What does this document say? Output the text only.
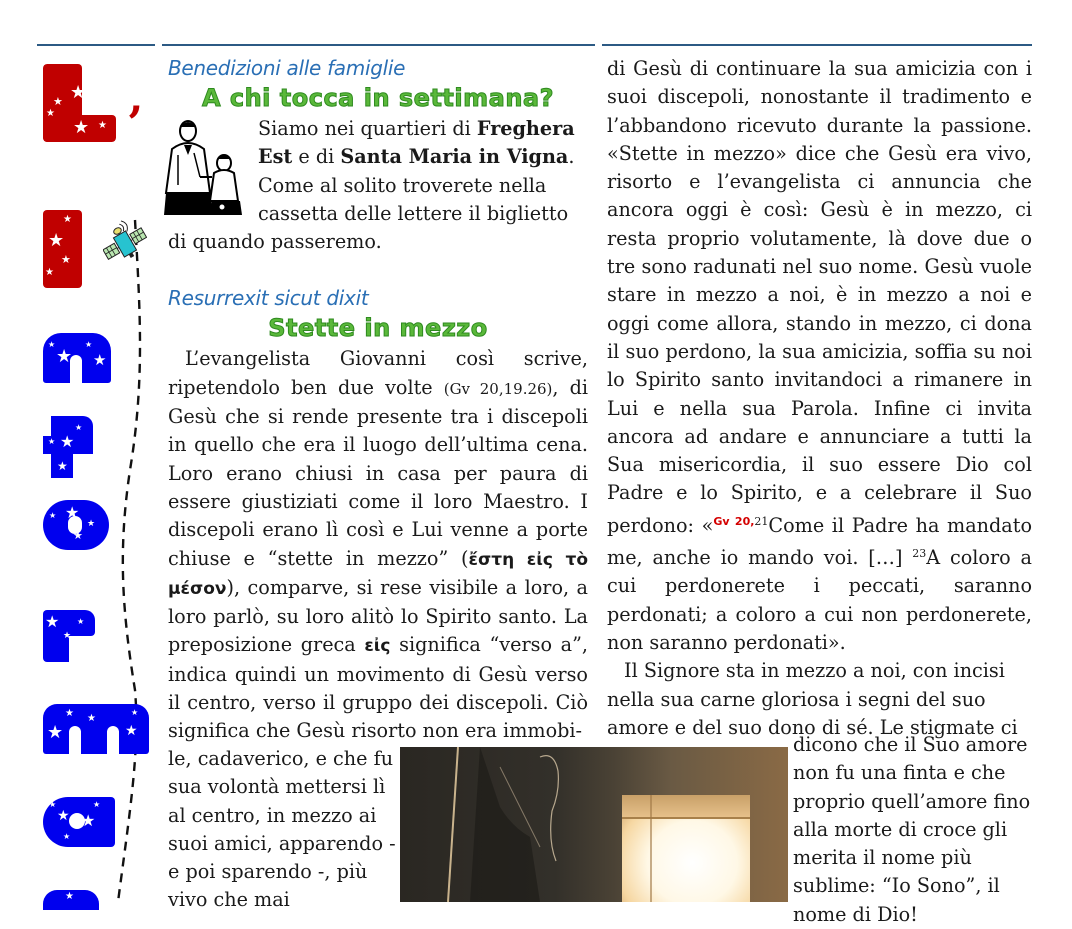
★
★
★
★ ★ ’
★
★
★
★
★ ★
★	★
★
★
★
★
★
★
★
★
★ ★
★
★
★ ★
★
★
★ ★
★	★
★
★
Benedizioni alle famiglie
A chi tocca in settimana?

Siamo nei quartieri di Freghera Est e di Santa Maria in Vigna. Come al solito troverete nella cassetta delle lettere il biglietto di quando passeremo.

Resurrexit sicut dixit
Stette in mezzo

L’evangelista Giovanni così scrive, ripetendolo ben due volte (Gv 20,19.26), di Gesù che si rende presente tra i discepoli in quello che era il luogo dell’ultima cena. Loro erano chiusi in casa per paura di essere giustiziati come il loro Maestro. I discepoli erano lì così e Lui venne a porte chiuse e “stette in mezzo” (ἔστη εἰς τὸ μέσον), comparve, si rese visibile a loro, a loro parlò, su loro alitò lo Spirito santo. La preposizione greca εἰς significa “verso a”, indica quindi un movimento di Gesù verso il centro, verso il gruppo dei discepoli. Ciò significa che Gesù risorto non era immobi-

le, cadaverico, e che fu sua volontà mettersi lì al centro, in mezzo ai suoi amici, apparendo - e poi sparendo -, più vivo che mai

di Gesù di continuare la sua amicizia con i suoi discepoli, nonostante il tradimento e l’abbandono ricevuto durante la passione. «Stette in mezzo» dice che Gesù era vivo, risorto e l’evangelista ci annuncia che ancora oggi è così: Gesù è in mezzo, ci resta proprio volutamente, là dove due o tre sono radunati nel suo nome. Gesù vuole stare in mezzo a noi, è in mezzo a noi e oggi come allora, stando in mezzo, ci dona il suo perdono, la sua amicizia, soffia su noi lo Spirito santo invitandoci a rimanere in Lui e nella sua Parola. Infine ci invita ancora ad andare e annunciare a tutti la Sua misericordia, il suo essere Dio col Padre e lo Spirito, e a celebrare il Suo perdono: «$^{Gv 20,21}$Come il Padre ha mandato me, anche io mando voi. […] $^{23}$A coloro a cui perdonerete i peccati, saranno perdonati; a coloro a cui non perdonerete, non saranno perdonati».

Il Signore sta in mezzo a noi, con incisi nella sua carne gloriosa i segni del suo amore e del suo dono di sé. Le stigmate ci

dicono che il Suo amore non fu una finta e che proprio quell’amore fino alla morte di croce gli merita il nome più sublime: “Io Sono”, il nome di Dio!
